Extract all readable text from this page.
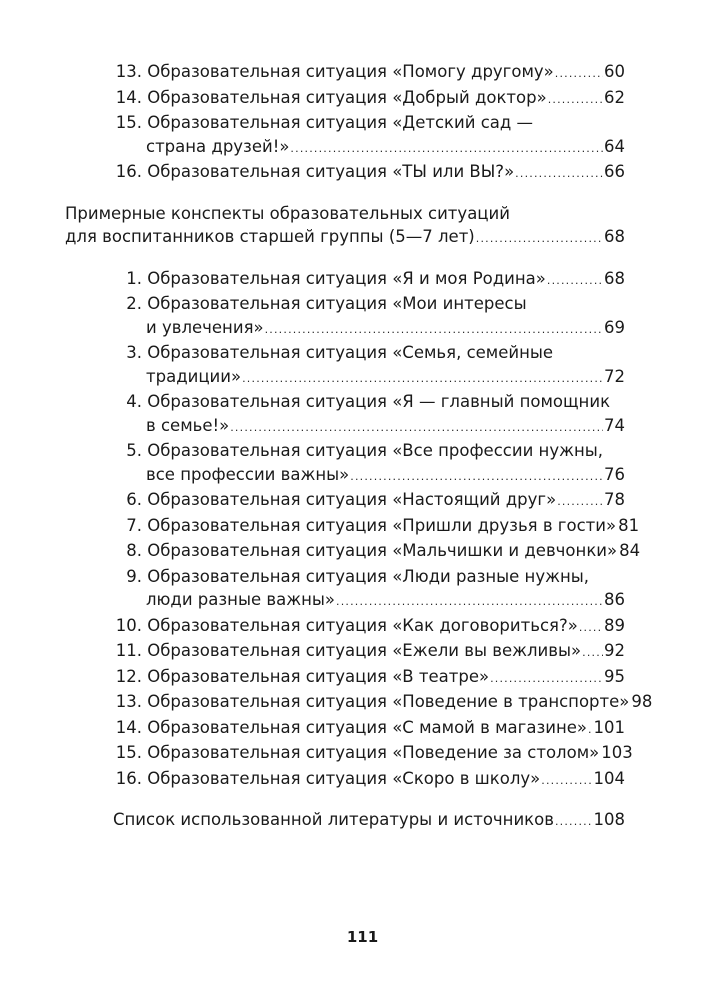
13. Образовательная ситуация «Помогу другому» .....	60
14. Образовательная ситуация «Добрый доктор» .....	62
15. Образовательная ситуация «Детский сад —
страна друзей!» .....	64
16. Образовательная ситуация «ТЫ или ВЫ?» .....	66
Примерные конспекты образовательных ситуаций
для воспитанников старшей группы (5—7 лет) .....	68
1. Образовательная ситуация «Я и моя Родина» .....	68
2. Образовательная ситуация «Мои интересы
и увлечения» .....	69
3. Образовательная ситуация «Семья, семейные
традиции» .....	72
4. Образовательная ситуация «Я — главный помощник
в семье!» .....	74
5. Образовательная ситуация «Все профессии нужны,
все профессии важны» .....	76
6. Образовательная ситуация «Настоящий друг» .....	78
7. Образовательная ситуация «Пришли друзья в гости» 81
8. Образовательная ситуация «Мальчишки и девчонки» 84
9. Образовательная ситуация «Люди разные нужны,
люди разные важны» .....	86
10. Образовательная ситуация «Как договориться?» ..... 89
11. Образовательная ситуация «Ежели вы вежливы» ..... 92
12. Образовательная ситуация «В театре» .....	95
13. Образовательная ситуация «Поведение в транспорте» 98
14. Образовательная ситуация «С мамой в магазине» ..... 101
15. Образовательная ситуация «Поведение за столом» 103
16. Образовательная ситуация «Скоро в школу» .....	104
Список использованной литературы и источников ..... 108
111
